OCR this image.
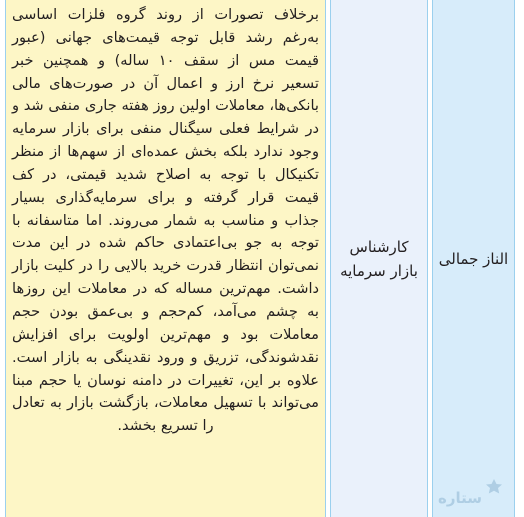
برخلاف تصورات از روند گروه فلزات اساسی به‌رغم رشد قابل توجه قیمت‌های جهانی (عبور قیمت مس از سقف ۱۰ ساله) و همچنین خبر تسعیر نرخ ارز و اعمال آن در صورت‌های مالی بانکی‌ها، معاملات اولین روز هفته جاری منفی شد و در شرایط فعلی سیگنال منفی برای بازار سرمایه وجود ندارد بلکه بخش عمده‌ای از سهم‌ها از منظر تکنیکال با توجه به اصلاح شدید قیمتی، در کف قیمت قرار گرفته و برای سرمایه‌گذاری بسیار جذاب و مناسب به شمار می‌روند. اما متاسفانه با توجه به جو بی‌اعتمادی حاکم شده در این مدت نمی‌توان انتظار قدرت خرید بالایی را در کلیت بازار داشت. مهم‌ترین مساله که در معاملات این روزها به چشم می‌آمد، کم‌حجم و بی‌عمق بودن حجم معاملات بود و مهم‌ترین اولویت برای افزایش نقدشوندگی، تزریق و ورود نقدینگی به بازار است. علاوه بر این، تغییرات در دامنه نوسان یا حجم مبنا می‌تواند با تسهیل معاملات، بازگشت بازار به تعادل را تسریع بخشد.

کارشناس بازار سرمایه
الناز جمالی
ستاره
